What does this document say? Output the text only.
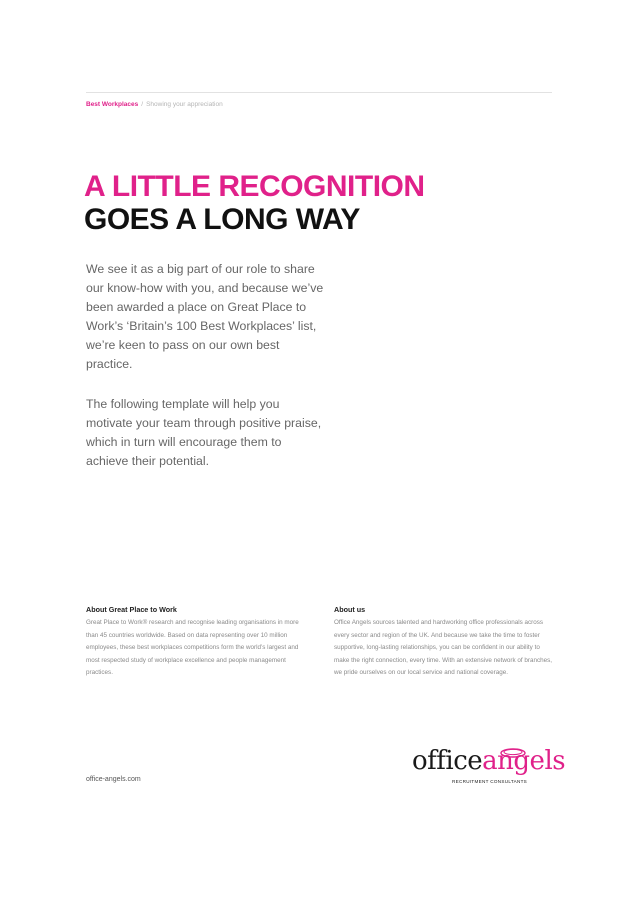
Best Workplaces / Showing your appreciation
A LITTLE RECOGNITION
GOES A LONG WAY

We see it as a big part of our role to share our know-how with you, and because we’ve been awarded a place on Great Place to Work’s ‘Britain’s 100 Best Workplaces’ list, we’re keen to pass on our own best practice.

The following template will help you motivate your team through positive praise, which in turn will encourage them to achieve their potential.

About Great Place to Work

Great Place to Work® research and recognise leading organisations in more than 45 countries worldwide. Based on data representing over 10 million employees, these best workplaces competitions form the world’s largest and most respected study of workplace excellence and people management practices.

About us

Office Angels sources talented and hardworking office professionals across every sector and region of the UK. And because we take the time to foster supportive, long-lasting relationships, you can be confident in our ability to make the right connection, every time. With an extensive network of branches, we pride ourselves on our local service and national coverage.

office-angels.com
officeangels
RECRUITMENT CONSULTANTS
